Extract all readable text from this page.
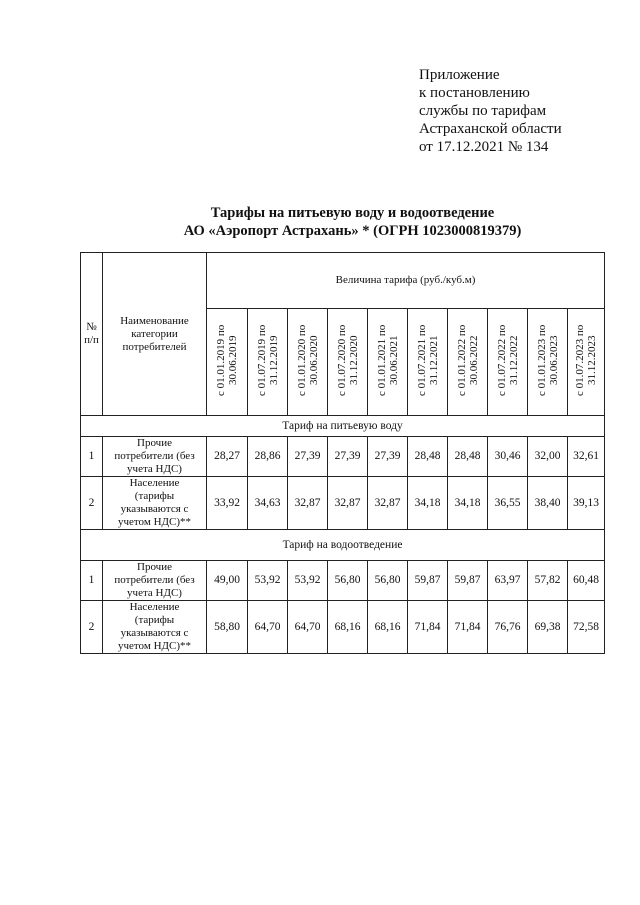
Приложение
к постановлению
службы по тарифам
Астраханской области
от 17.12.2021 № 134
Тарифы на питьевую воду и водоотведение
АО «Аэропорт Астрахань» * (ОГРН 1023000819379)
№ п/п	Наименование категории потребителей	Величина тарифа (руб./куб.м)									
		с 01.01.2019 по 30.06.2019	с 01.07.2019 по 31.12.2019	с 01.01.2020 по 30.06.2020	с 01.07.2020 по 31.12.2020	с 01.01.2021 по 30.06.2021	с 01.07.2021 по 31.12.2021	с 01.01.2022 по 30.06.2022	с 01.07.2022 по 31.12.2022	с 01.01.2023 по 30.06.2023	с 01.07.2023 по 31.12.2023
Тариф на питьевую воду											
1	Прочие потребители (без учета НДС)	28,27	28,86	27,39	27,39	27,39	28,48	28,48	30,46	32,00	32,61
2	Население (тарифы указываются с учетом НДС)**	33,92	34,63	32,87	32,87	32,87	34,18	34,18	36,55	38,40	39,13
Тариф на водоотведение											
1	Прочие потребители (без учета НДС)	49,00	53,92	53,92	56,80	56,80	59,87	59,87	63,97	57,82	60,48
2	Население (тарифы указываются с учетом НДС)**	58,80	64,70	64,70	68,16	68,16	71,84	71,84	76,76	69,38	72,58
